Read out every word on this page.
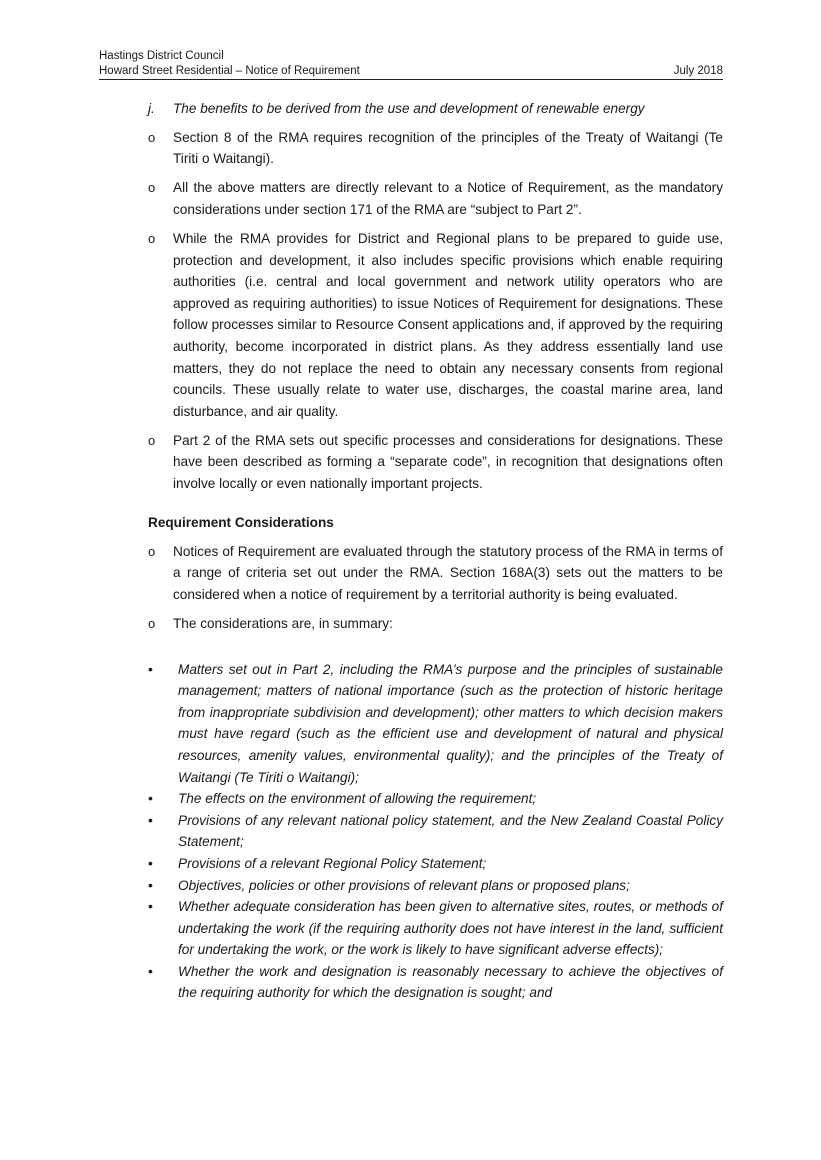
Hastings District Council
Howard Street Residential – Notice of Requirement	July 2018
j. The benefits to be derived from the use and development of renewable energy
o Section 8 of the RMA requires recognition of the principles of the Treaty of Waitangi (Te Tiriti o Waitangi).
o All the above matters are directly relevant to a Notice of Requirement, as the mandatory considerations under section 171 of the RMA are “subject to Part 2”.
o While the RMA provides for District and Regional plans to be prepared to guide use, protection and development, it also includes specific provisions which enable requiring authorities (i.e. central and local government and network utility operators who are approved as requiring authorities) to issue Notices of Requirement for designations. These follow processes similar to Resource Consent applications and, if approved by the requiring authority, become incorporated in district plans. As they address essentially land use matters, they do not replace the need to obtain any necessary consents from regional councils. These usually relate to water use, discharges, the coastal marine area, land disturbance, and air quality.
o Part 2 of the RMA sets out specific processes and considerations for designations. These have been described as forming a “separate code”, in recognition that designations often involve locally or even nationally important projects.
Requirement Considerations
o Notices of Requirement are evaluated through the statutory process of the RMA in terms of a range of criteria set out under the RMA. Section 168A(3) sets out the matters to be considered when a notice of requirement by a territorial authority is being evaluated.
o The considerations are, in summary:
• Matters set out in Part 2, including the RMA’s purpose and the principles of sustainable management; matters of national importance (such as the protection of historic heritage from inappropriate subdivision and development); other matters to which decision makers must have regard (such as the efficient use and development of natural and physical resources, amenity values, environmental quality); and the principles of the Treaty of Waitangi (Te Tiriti o Waitangi);
• The effects on the environment of allowing the requirement;
• Provisions of any relevant national policy statement, and the New Zealand Coastal Policy Statement;
• Provisions of a relevant Regional Policy Statement;
• Objectives, policies or other provisions of relevant plans or proposed plans;
• Whether adequate consideration has been given to alternative sites, routes, or methods of undertaking the work (if the requiring authority does not have interest in the land, sufficient for undertaking the work, or the work is likely to have significant adverse effects);
• Whether the work and designation is reasonably necessary to achieve the objectives of the requiring authority for which the designation is sought; and
